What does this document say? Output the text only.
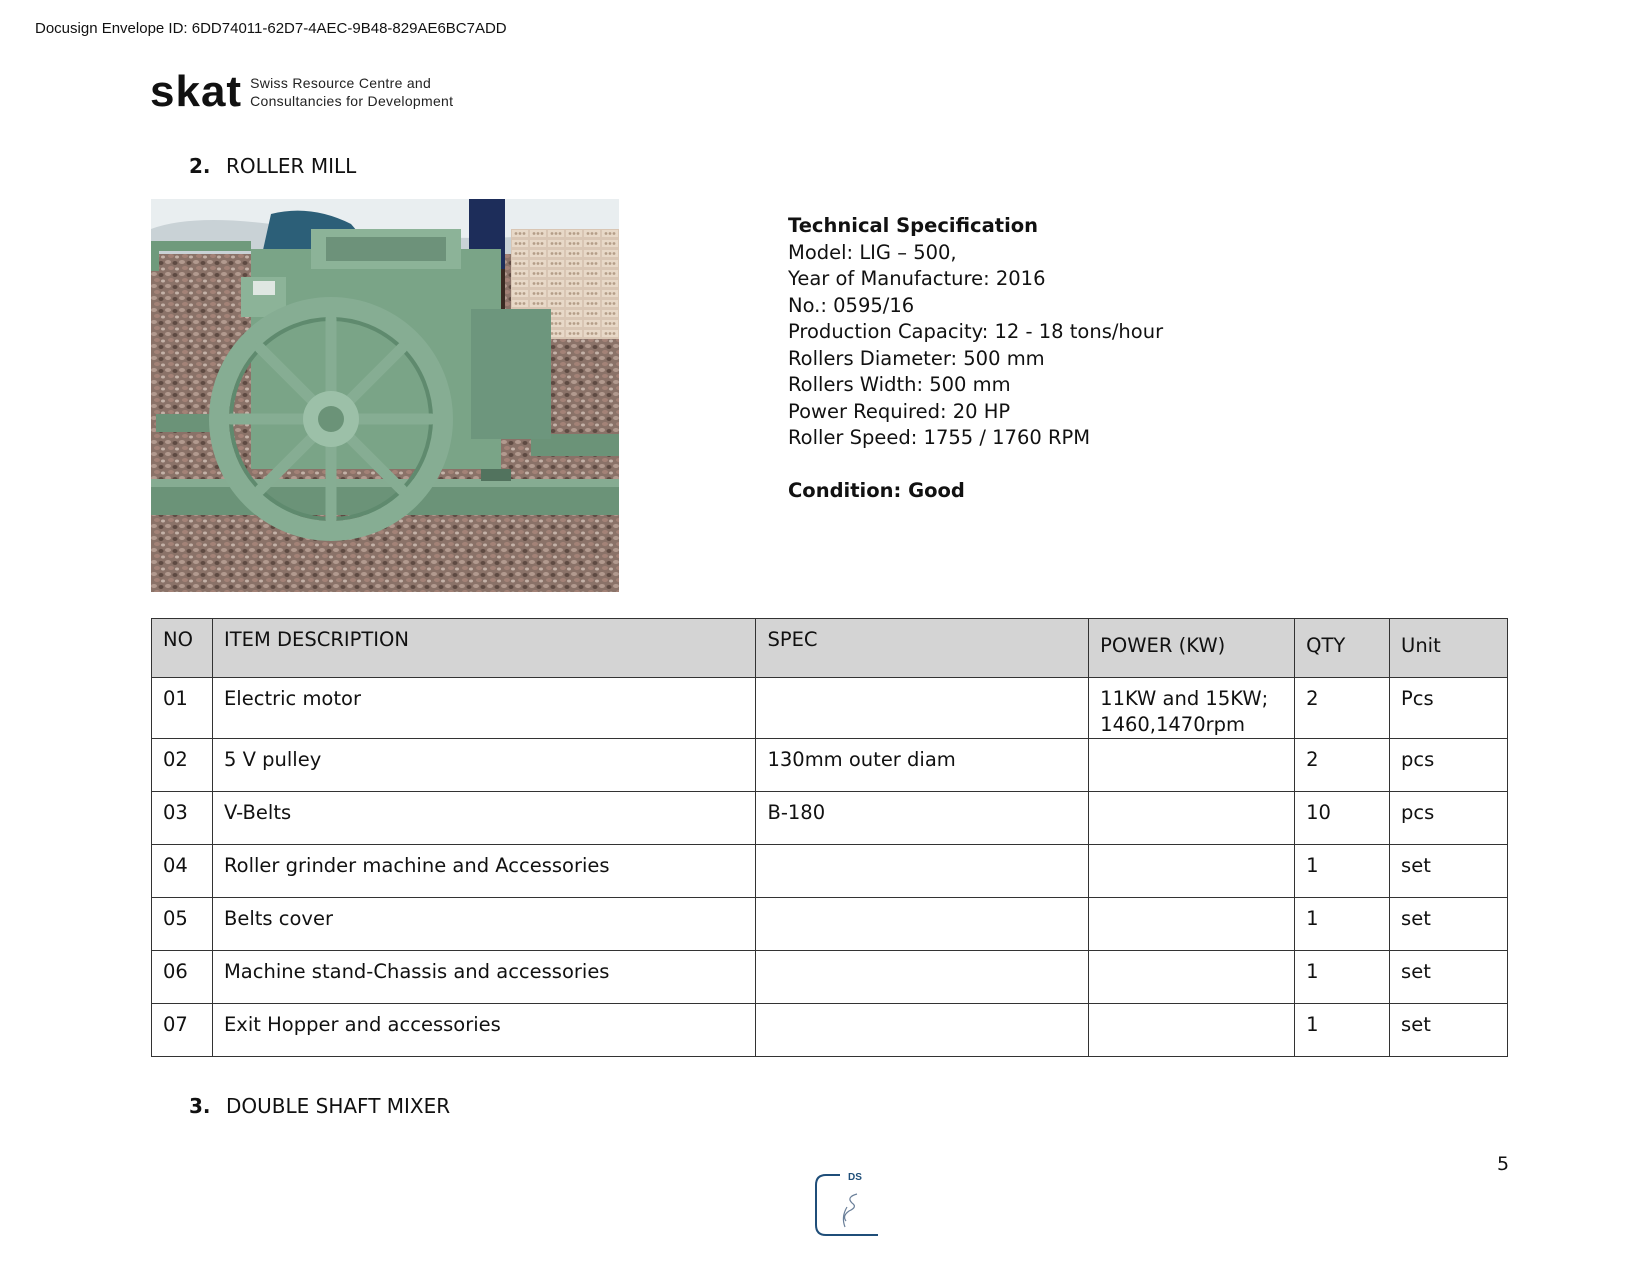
Docusign Envelope ID: 6DD74011-62D7-4AEC-9B48-829AE6BC7ADD
skat Swiss Resource Centre and
Consultancies for Development
2. ROLLER MILL
Technical Specification
Model: LIG – 500,
Year of Manufacture: 2016
No.: 0595/16
Production Capacity: 12 - 18 tons/hour
Rollers Diameter: 500 mm
Rollers Width: 500 mm
Power Required: 20 HP
Roller Speed: 1755 / 1760 RPM
Condition: Good
NO	ITEM DESCRIPTION	SPEC	POWER (KW)	QTY	Unit
01	Electric motor		11KW and 15KW; 1460,1470rpm	2	Pcs
02	5 V pulley	130mm outer diam		2	pcs
03	V-Belts	B-180		10	pcs
04	Roller grinder machine and Accessories			1	set
05	Belts cover			1	set
06	Machine stand-Chassis and accessories			1	set
07	Exit Hopper and accessories			1	set
3. DOUBLE SHAFT MIXER
5
DS
